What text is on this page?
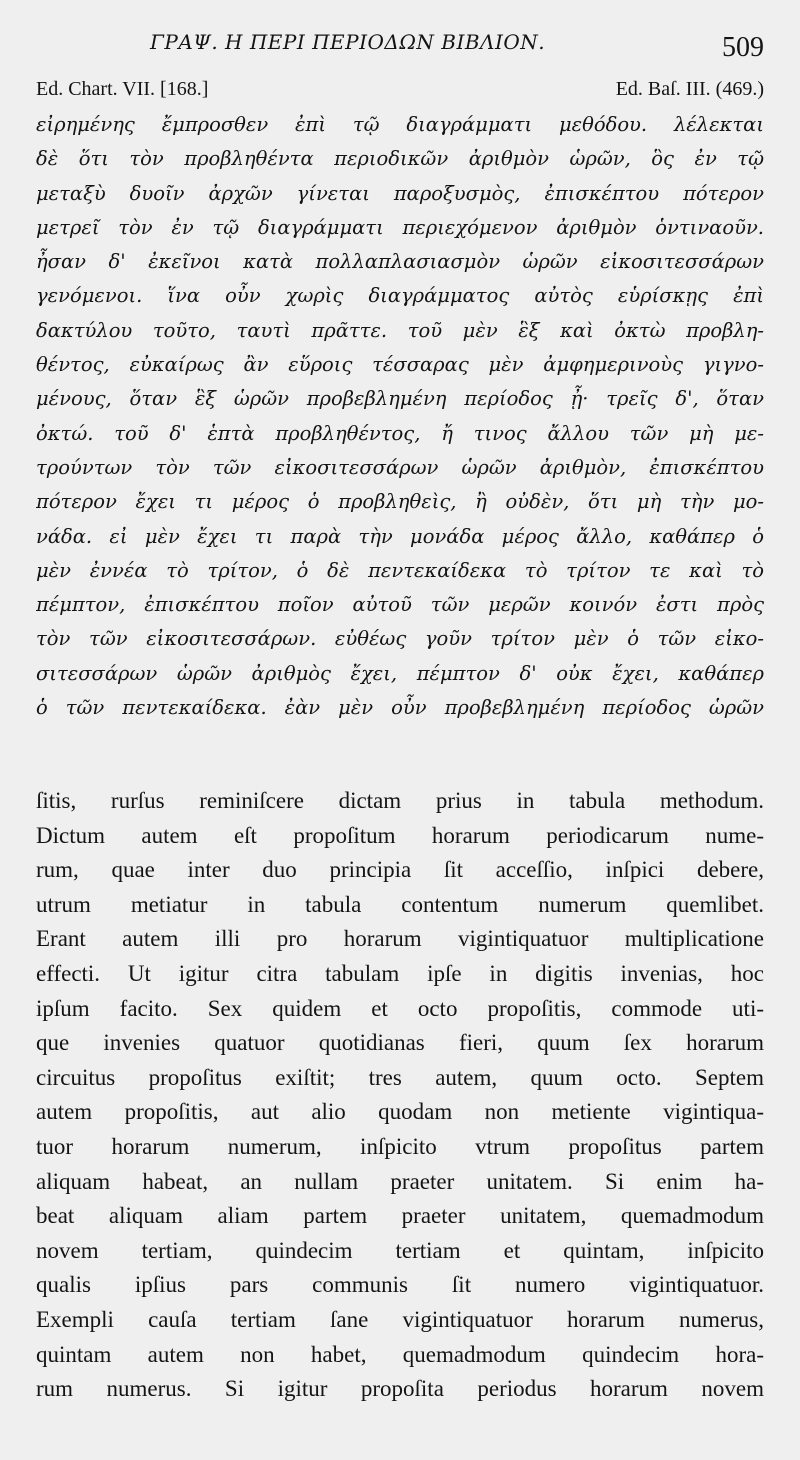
ΓΡΑΨ. Η ΠΕΡΙ ΠΕΡΙΟΔΩΝ ΒΙΒΛΙΟΝ.	509
Ed. Chart. VII. [168.]	Ed. Baſ. III. (469.)
εἰρημένης ἔμπροσθεν ἐπὶ τῷ διαγράμματι μεθόδου. λέλεκται
δὲ ὅτι τὸν προβληθέντα περιοδικῶν ἀριθμὸν ὡρῶν, ὃς ἐν τῷ
μεταξὺ δυοῖν ἀρχῶν γίνεται παροξυσμὸς, ἐπισκέπτου πότερον
μετρεῖ τὸν ἐν τῷ διαγράμματι περιεχόμενον ἀριθμὸν ὁντιναοῦν.
ἦσαν δ' ἐκεῖνοι κατὰ πολλαπλασιασμὸν ὡρῶν εἰκοσιτεσσάρων
γενόμενοι. ἵνα οὖν χωρὶς διαγράμματος αὐτὸς εὑρίσκῃς ἐπὶ
δακτύλου τοῦτο, ταυτὶ πρᾶττε. τοῦ μὲν ἓξ καὶ ὀκτὼ προβλη-
θέντος, εὐκαίρως ἂν εὕροις τέσσαρας μὲν ἀμφημερινοὺς γιγνο-
μένους, ὅταν ἓξ ὡρῶν προβεβλημένη περίοδος ᾖ· τρεῖς δ', ὅταν
ὀκτώ. τοῦ δ' ἑπτὰ προβληθέντος, ἤ τινος ἄλλου τῶν μὴ με-
τρούντων τὸν τῶν εἰκοσιτεσσάρων ὡρῶν ἀριθμὸν, ἐπισκέπτου
πότερον ἔχει τι μέρος ὁ προβληθεὶς, ἢ οὐδὲν, ὅτι μὴ τὴν μο-
νάδα. εἰ μὲν ἔχει τι παρὰ τὴν μονάδα μέρος ἄλλο, καθάπερ ὁ
μὲν ἐννέα τὸ τρίτον, ὁ δὲ πεντεκαίδεκα τὸ τρίτον τε καὶ τὸ
πέμπτον, ἐπισκέπτου ποῖον αὐτοῦ τῶν μερῶν κοινόν ἐστι πρὸς
τὸν τῶν εἰκοσιτεσσάρων. εὐθέως γοῦν τρίτον μὲν ὁ τῶν εἰκο-
σιτεσσάρων ὡρῶν ἀριθμὸς ἔχει, πέμπτον δ' οὐκ ἔχει, καθάπερ
ὁ τῶν πεντεκαίδεκα. ἐὰν μὲν οὖν προβεβλημένη περίοδος ὡρῶν
ſitis, rurſus reminiſcere dictam prius in tabula methodum.
Dictum autem eſt propoſitum horarum periodicarum nume-
rum, quae inter duo principia ſit acceſſio, inſpici debere,
utrum metiatur in tabula contentum numerum quemlibet.
Erant autem illi pro horarum vigintiquatuor multiplicatione
effecti. Ut igitur citra tabulam ipſe in digitis invenias, hoc
ipſum facito. Sex quidem et octo propoſitis, commode uti-
que invenies quatuor quotidianas fieri, quum ſex horarum
circuitus propoſitus exiſtit; tres autem, quum octo. Septem
autem propoſitis, aut alio quodam non metiente vigintiqua-
tuor horarum numerum, inſpicito vtrum propoſitus partem
aliquam habeat, an nullam praeter unitatem. Si enim ha-
beat aliquam aliam partem praeter unitatem, quemadmodum
novem tertiam, quindecim tertiam et quintam, inſpicito
qualis ipſius pars communis ſit numero vigintiquatuor.
Exempli cauſa tertiam ſane vigintiquatuor horarum numerus,
quintam autem non habet, quemadmodum quindecim hora-
rum numerus. Si igitur propoſita periodus horarum novem
